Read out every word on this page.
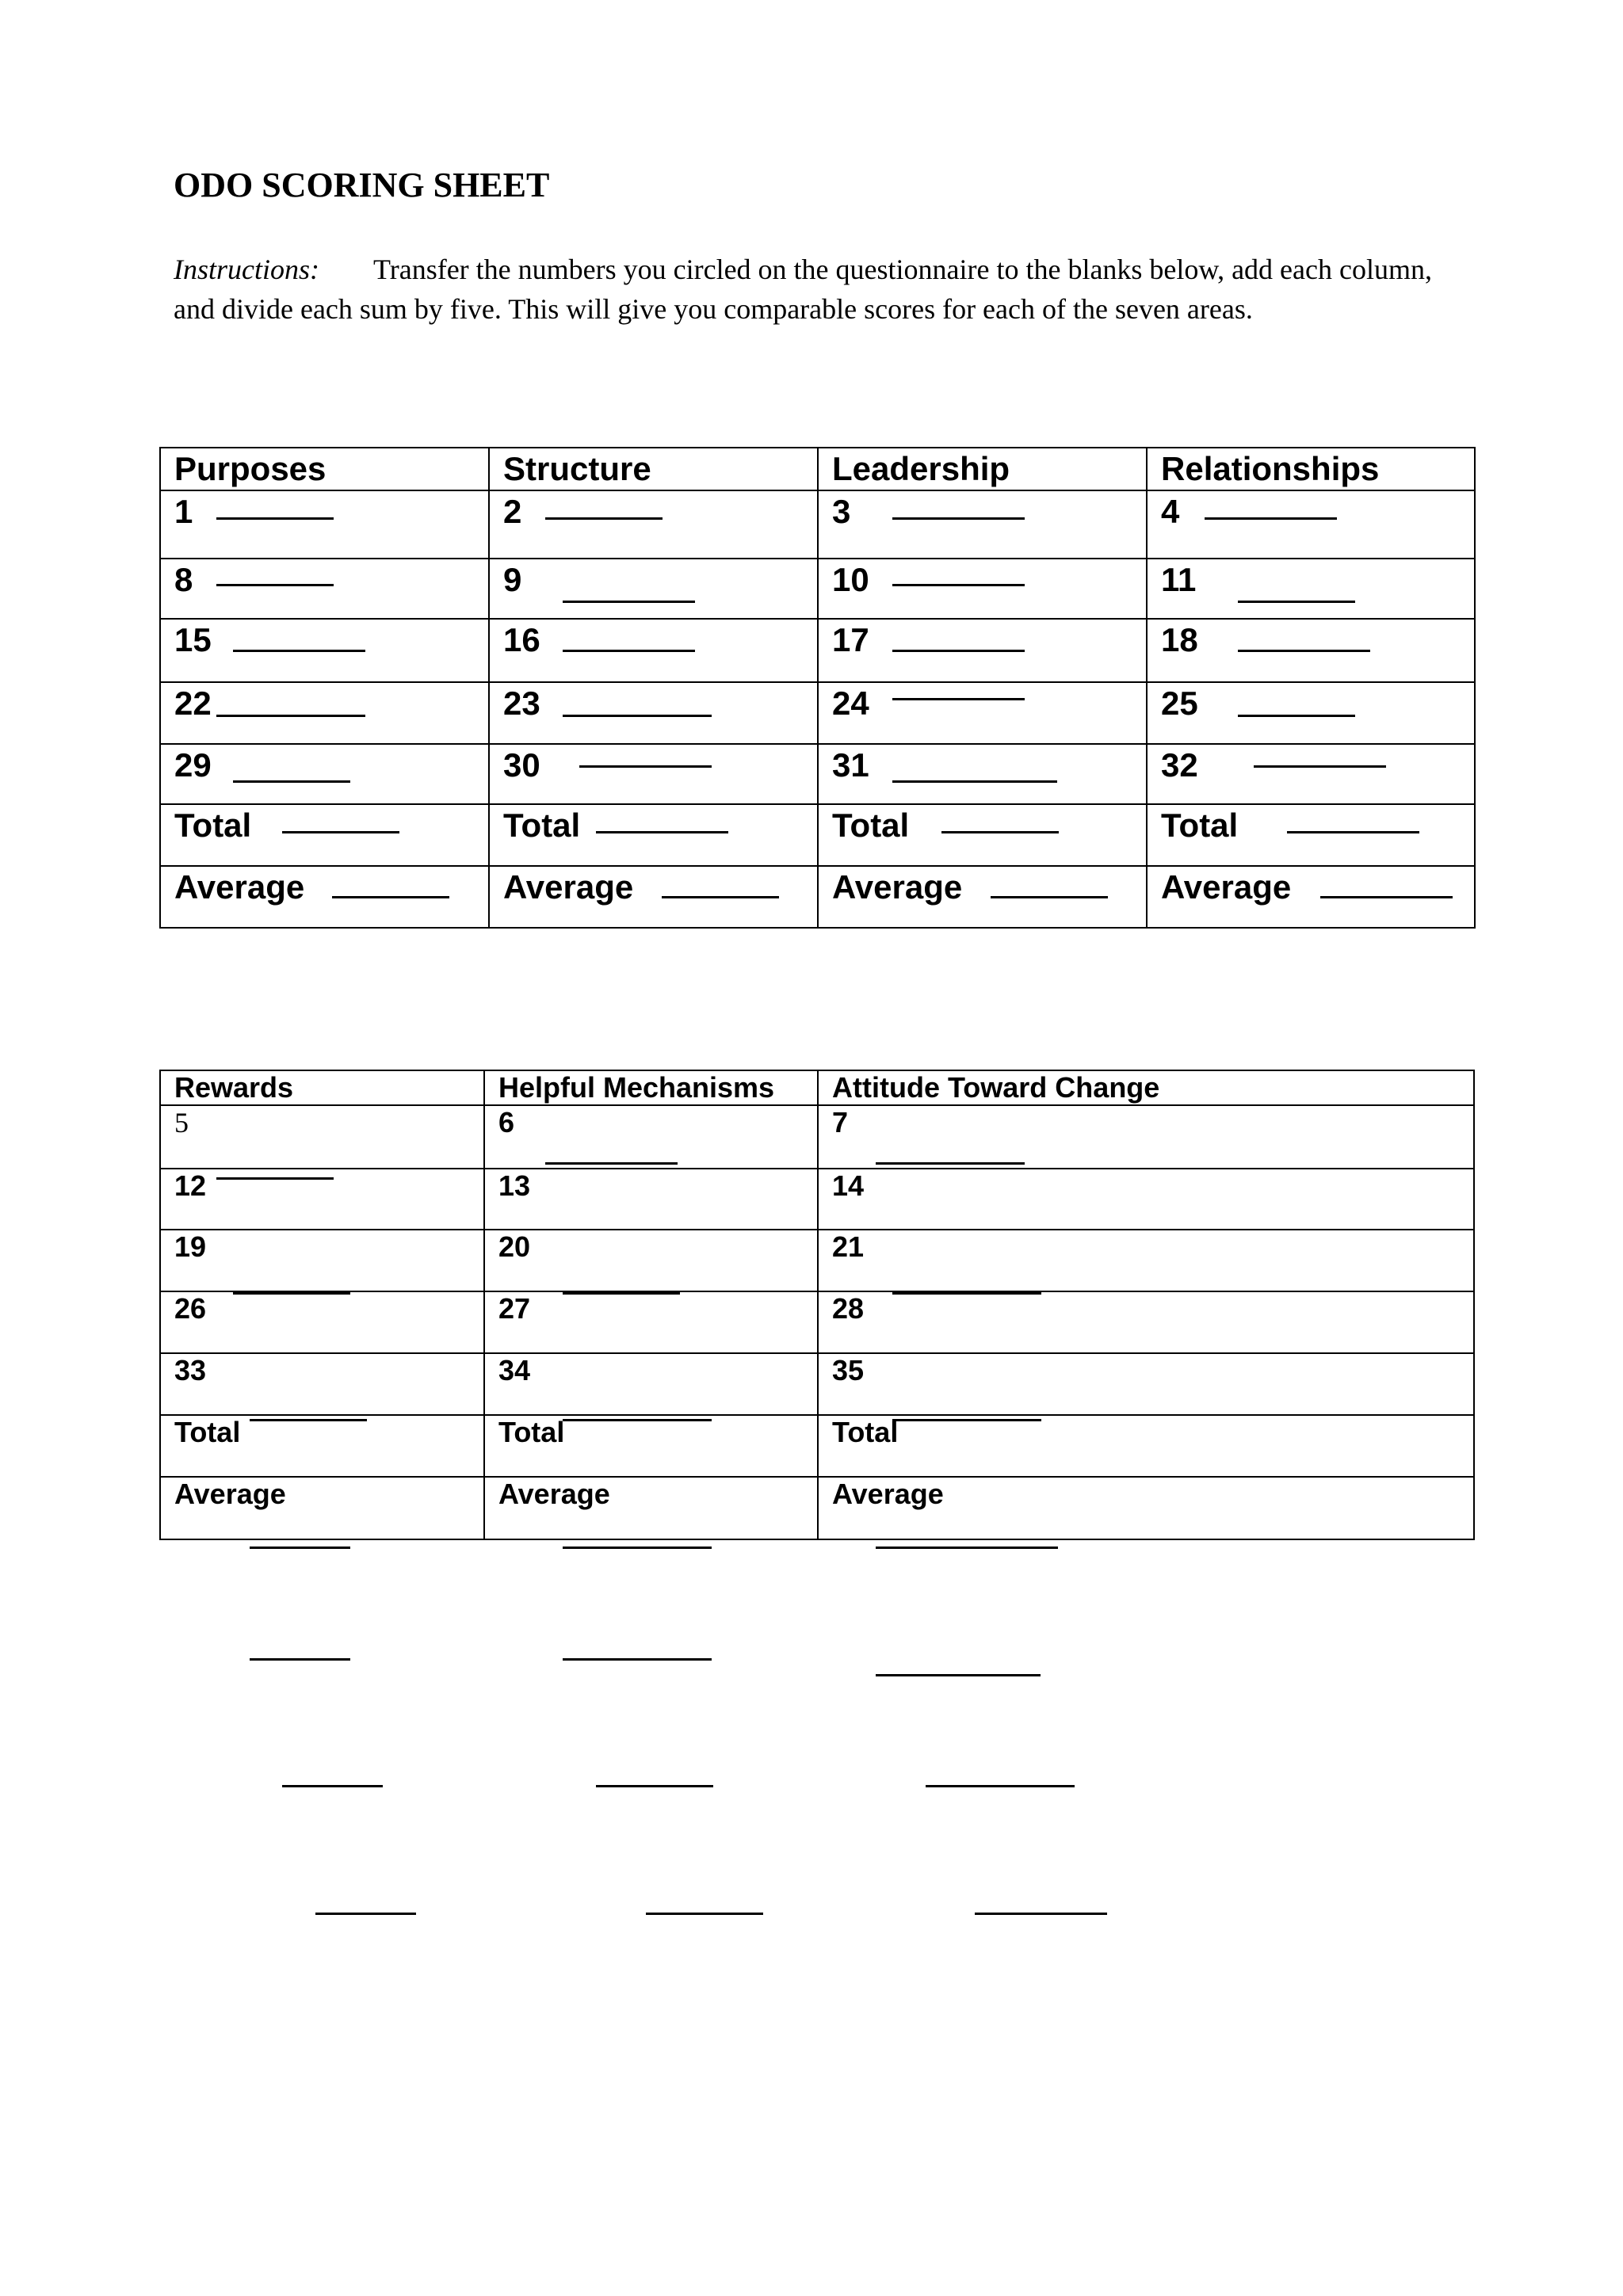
ODO SCORING SHEET
Instructions: Transfer the numbers you circled on the questionnaire to the blanks below, add each column, and divide each sum by five. This will give you comparable scores for each of the seven areas.
Purposes	Structure	Leadership	Relationships
1	2	3	4
8	9	10	11
15	16	17	18
22	23	24	25
29	30	31	32
Total	Total	Total	Total
Average	Average	Average	Average
Rewards	Helpful Mechanisms	Attitude Toward Change
5	6	7
12	13	14
19	20	21
26	27	28
33	34	35
Total	Total	Total
Average	Average	Average
